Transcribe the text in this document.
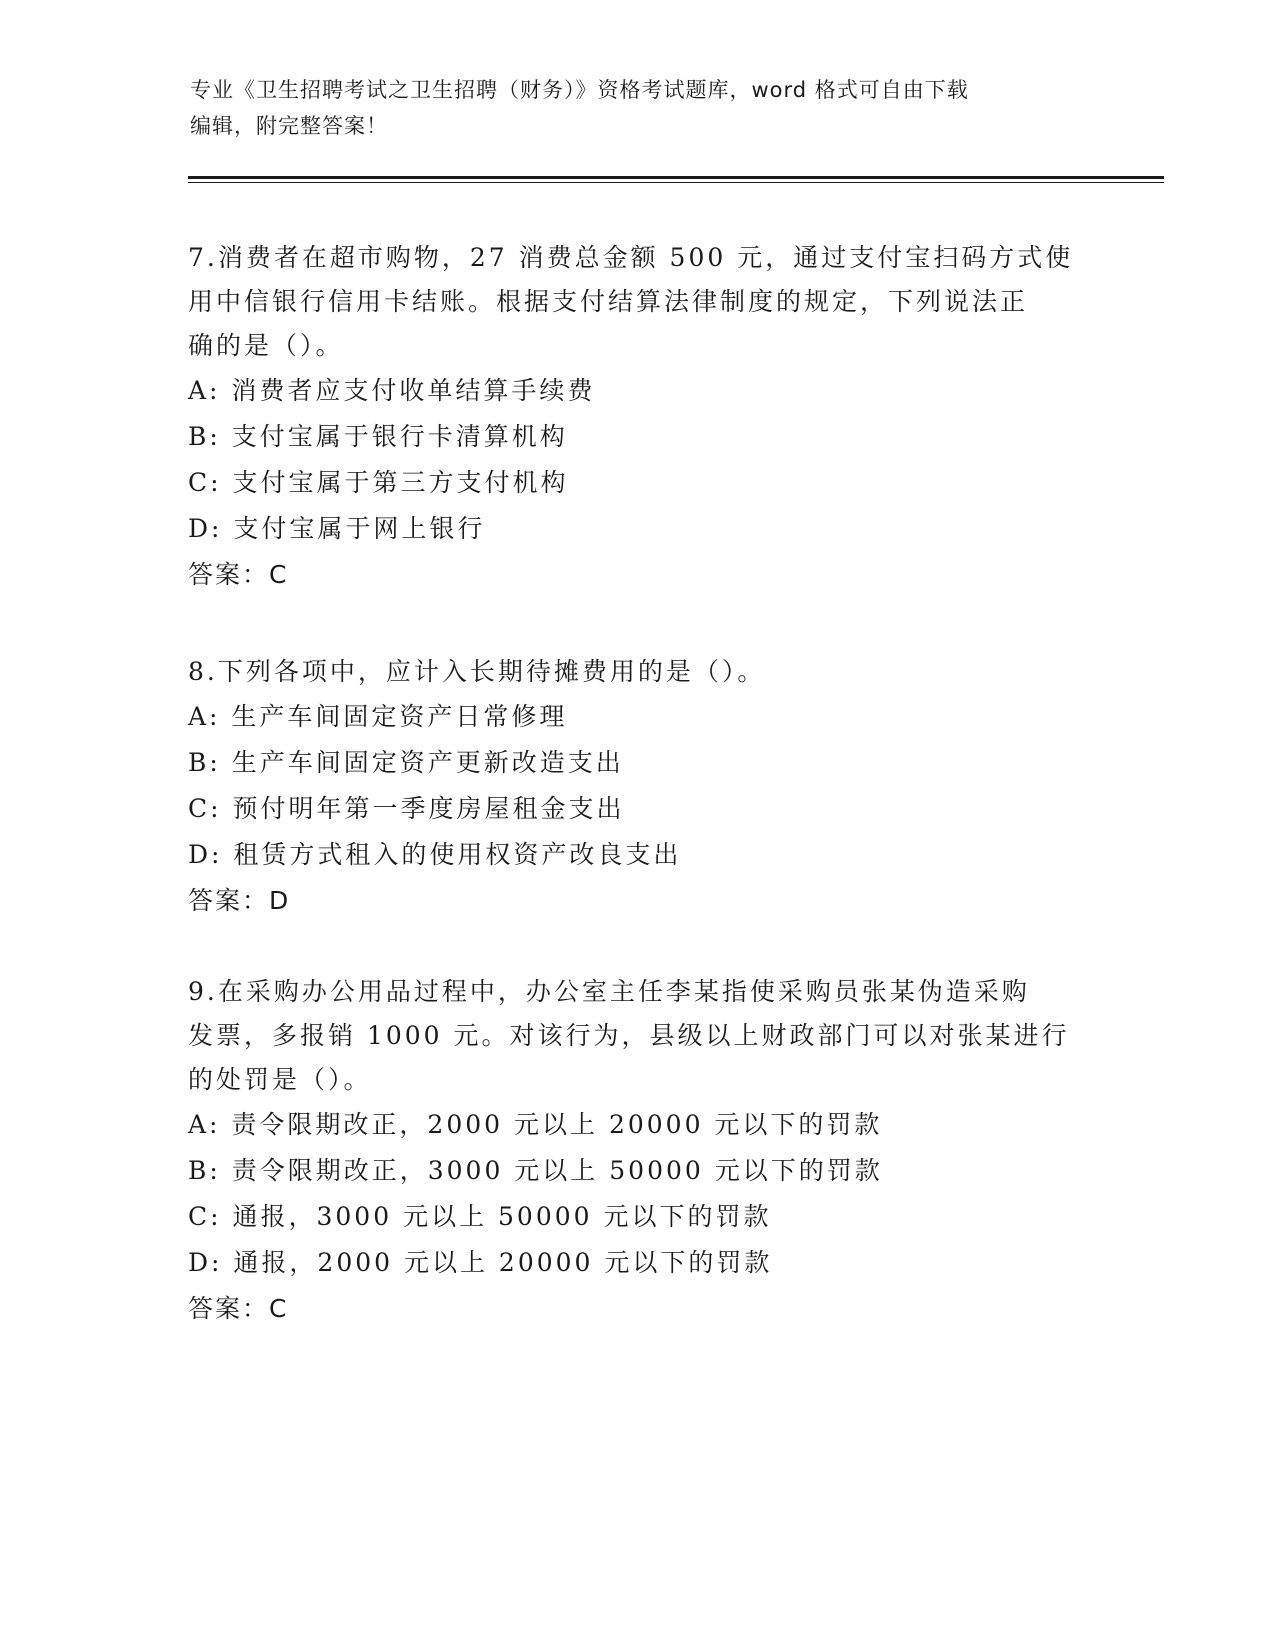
专业《卫生招聘考试之卫生招聘（财务）》资格考试题库，word 格式可自由下载
编辑，附完整答案！
7.消费者在超市购物，27 消费总金额 500 元，通过支付宝扫码方式使
用中信银行信用卡结账。根据支付结算法律制度的规定，下列说法正
确的是（）。
A: 消费者应支付收单结算手续费
B: 支付宝属于银行卡清算机构
C: 支付宝属于第三方支付机构
D: 支付宝属于网上银行
答案：C
8.下列各项中，应计入长期待摊费用的是（）。
A: 生产车间固定资产日常修理
B: 生产车间固定资产更新改造支出
C: 预付明年第一季度房屋租金支出
D: 租赁方式租入的使用权资产改良支出
答案：D
9.在采购办公用品过程中，办公室主任李某指使采购员张某伪造采购
发票，多报销 1000 元。对该行为，县级以上财政部门可以对张某进行
的处罚是（）。
A: 责令限期改正，2000 元以上 20000 元以下的罚款
B: 责令限期改正，3000 元以上 50000 元以下的罚款
C: 通报，3000 元以上 50000 元以下的罚款
D: 通报，2000 元以上 20000 元以下的罚款
答案：C
